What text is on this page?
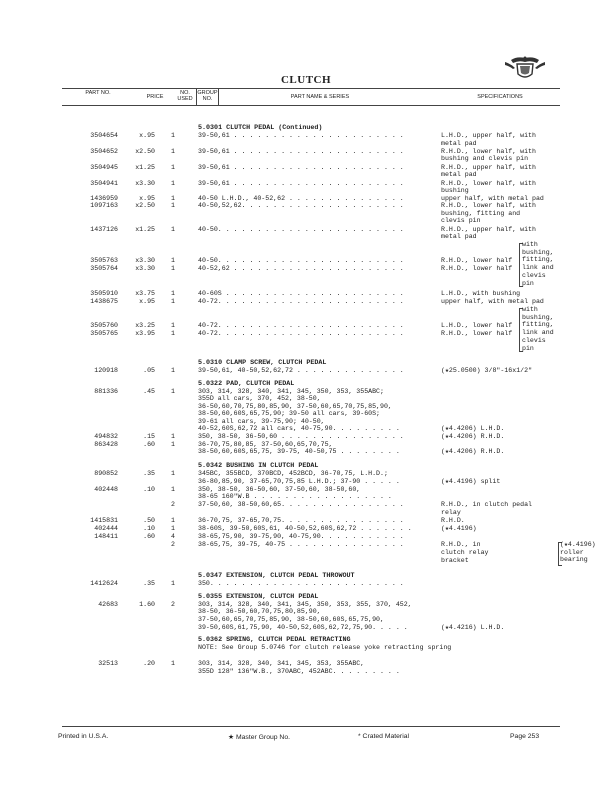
CLUTCH
PART NO.
PRICE
NO. USED
GROUP NO.	PART NAME & SERIES	SPECIFICATIONS
5.0301 CLUTCH PEDAL (Continued)
3504654	x.95	1	39-50,61 . . . . . . . . . . . . . . . . . . . . . .	L.H.D., upper half, with
metal pad
3504652	x2.50	1	39-50,61 . . . . . . . . . . . . . . . . . . . . . .	R.H.D., lower half, with
bushing and clevis pin
3504945	x1.25	1	39-50,61 . . . . . . . . . . . . . . . . . . . . . .	R.H.D., upper half, with
metal pad
3504941	x3.30	1	39-50,61 . . . . . . . . . . . . . . . . . . . . . .	R.H.D., lower half, with
bushing
1436959	x.95	1	40-50 L.H.D., 40-52,62 . . . . . . . . . . . . . . .	upper half, with metal pad
1097163	x2.50	1	40-50,52,62. . . . . . . . . . . . . . . . . . . . .	R.H.D., lower half, with
bushing, fitting and
clevis pin
1437126	x1.25	1	40-50. . . . . . . . . . . . . . . . . . . . . . . .	R.H.D., upper half, with
metal pad
3505763	x3.30	1	40-50. . . . . . . . . . . . . . . . . . . . . . . .	R.H.D., lower half
3505764	x3.30	1	40-52,62 . . . . . . . . . . . . . . . . . . . . . .	R.H.D., lower half
3505910	x3.75	1	40-60S . . . . . . . . . . . . . . . . . . . . . . .	L.H.D., with bushing
1438675	x.95	1	40-72. . . . . . . . . . . . . . . . . . . . . . . .	upper half, with metal pad
3505760	x3.25	1	40-72. . . . . . . . . . . . . . . . . . . . . . . .	L.H.D., lower half
3505765	x3.95	1	40-72. . . . . . . . . . . . . . . . . . . . . . . .	R.H.D., lower half
5.0310 CLAMP SCREW, CLUTCH PEDAL
120918	.05	1	39-50,61, 40-50,52,62,72 . . . . . . . . . . . . . .	(★25.0500) 3/8"-16x1/2"
5.0322 PAD, CLUTCH PEDAL
881336	.45	1	303, 314, 328, 340, 341, 345, 350, 353, 355ABC;
355D all cars, 370, 452, 38-50,
36-50,60,70,75,80,85,90, 37-50,60,65,70,75,85,90,
38-50,60,60S,65,75,90; 39-50 all cars, 39-60S;
39-61 all cars, 39-75,90; 40-50,
40-52,60S,62,72 all cars, 40-75,90. . . . . . . . .	(★4.4206) L.H.D.
494832	.15	1	350, 38-50, 36-50,60 . . . . . . . . . . . . . . . .	(★4.4206) R.H.D.
863428	.60	1	36-70,75,80,85, 37-50,60,65,70,75,
38-50,60,60S,65,75, 39-75, 40-50,75 . . . . . . . .	(★4.4206) R.H.D.
5.0342 BUSHING IN CLUTCH PEDAL
890852	.35	1	345BC, 355BCD, 370BCD, 452BCD, 36-70,75, L.H.D.;
36-80,85,90, 37-65,70,75,85 L.H.D.; 37-90 . . . . .	(★4.4196) split
402448	.10	1	350, 38-50, 36-50,60, 37-50,60, 38-50,60,
38-65 160"W.B . . . . . . . . . . . . . . . . . .
2	37-50,60, 38-50,60,65. . . . . . . . . . . . . . . .	R.H.D., in clutch pedal
relay
1415831	.50	1	36-70,75, 37-65,70,75. . . . . . . . . . . . . . . .	R.H.D.
402444	.10	1	38-60S, 39-50,60S,61, 40-50,52,60S,62,72 . . . . . . .	(★4.4196)
148411	.60	4	38-65,75,90, 39-75,90, 40-75,90. . . . . . . . . . .
2	38-65,75, 39-75, 40-75 . . . . . . . . . . . . . . .	R.H.D., in
clutch relay
bracket
5.0347 EXTENSION, CLUTCH PEDAL THROWOUT
1412624	.35	1	350. . . . . . . . . . . . . . . . . . . . . . . . .
5.0355 EXTENSION, CLUTCH PEDAL
42683	1.60	2	303, 314, 328, 340, 341, 345, 350, 353, 355, 370, 452,
38-50, 36-50,60,70,75,80,85,90,
37-50,60,65,70,75,85,90, 38-50,60,60S,65,75,90,
39-50,60S,61,75,90, 40-50,52,60S,62,72,75,90. . . . .	(★4.4216) L.H.D.
5.0362 SPRING, CLUTCH PEDAL RETRACTING
NOTE: See Group 5.0746 for clutch release yoke retracting spring
32513	.20	1	303, 314, 328, 340, 341, 345, 353, 355ABC,
355D 128" 136"W.B., 370ABC, 452ABC. . . . . . . . .
with
bushing,
fitting,
link and
clevis
pin
with
bushing,
fitting,
link and
clevis
pin
(★4.4196)
roller
bearing
Printed in U.S.A.	★ Master Group No.	* Crated Material	Page 253
